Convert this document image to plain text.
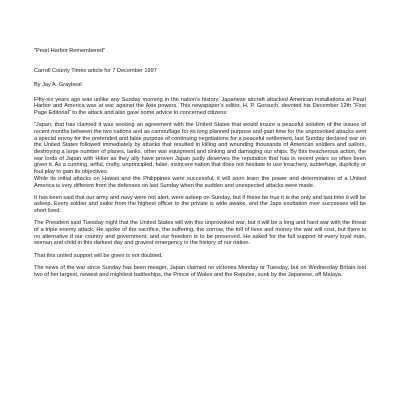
"Pearl Harbor Remembered"
Carroll County Times article for 7 December 1997
By Jay A. Graybeal
Fifty-six years ago was unlike any Sunday morning in the nation’s history. Japanese aircraft attacked American installations at Pearl Harbor and America was at war against the Axis powers. This newspaper’s editor, H. P. Gorsuch, devoted his December 12th “First Page Editorial” to the attack and also gave some advice to concerned citizens:
“Japan, that has claimed it was seeking an agreement with the United States that would insure a peaceful solution of the issues of recent months between the two nations and as camouflage for its long planned purpose and gain time for the unprovoked attacks sent a special envoy for the pretended and false purpose of continuing negotiations for a peaceful settlement, last Sunday declared war on the United States followed immediately by attacks that resulted in killing and wounding thousands of American soldiers and sailors, destroying a large number of planes, tanks, other war equipment and sinking and damaging our ships. By this treacherous action, the war lords of Japan with Hitler as they ally have proven Japan justly deserves the reputation that has in recent years so often been given it. As a cunning, artful, crafty, unprincipled, false, insincere nation that does not hesitate to use treachery, subterfuge, duplicity or foul play to gain its objectives.
While its initial attacks on Hawaii and the Philippines were successful, it will soon learn the power and determination of a United America is very different from the defenses on last Sunday when the sudden and unexpected attacks were made.
It has been said that our army and navy were not alert, were asleep on Sunday, but if these be true it is the only and last time it will be asleep. Every soldier and sailor from the highest officer to the private is wide awake, and the Japs exultation over successes will be short lived.
The President said Tuesday night that the United States will win this unprovoked war, but it will be a long and hard war with the threat of a triple enemy attack. He spoke of the sacrifice, the suffering, the sorrow, the toll of lives and money the war will cost, but there is no alternative if our country and government, and our freedom is to be preserved. He asked for the full support of every loyal man, woman and child in this darkest day and gravest emergency in the history of our nation.
That this united support will be given is not doubted.
The news of the war since Sunday has been meager, Japan claimed no victories Monday or Tuesday, but on Wednesday Britain lost two of her largest, newest and mightiest battleships, the Prince of Wales and the Repulse, sunk by the Japanese, off Malaya.
